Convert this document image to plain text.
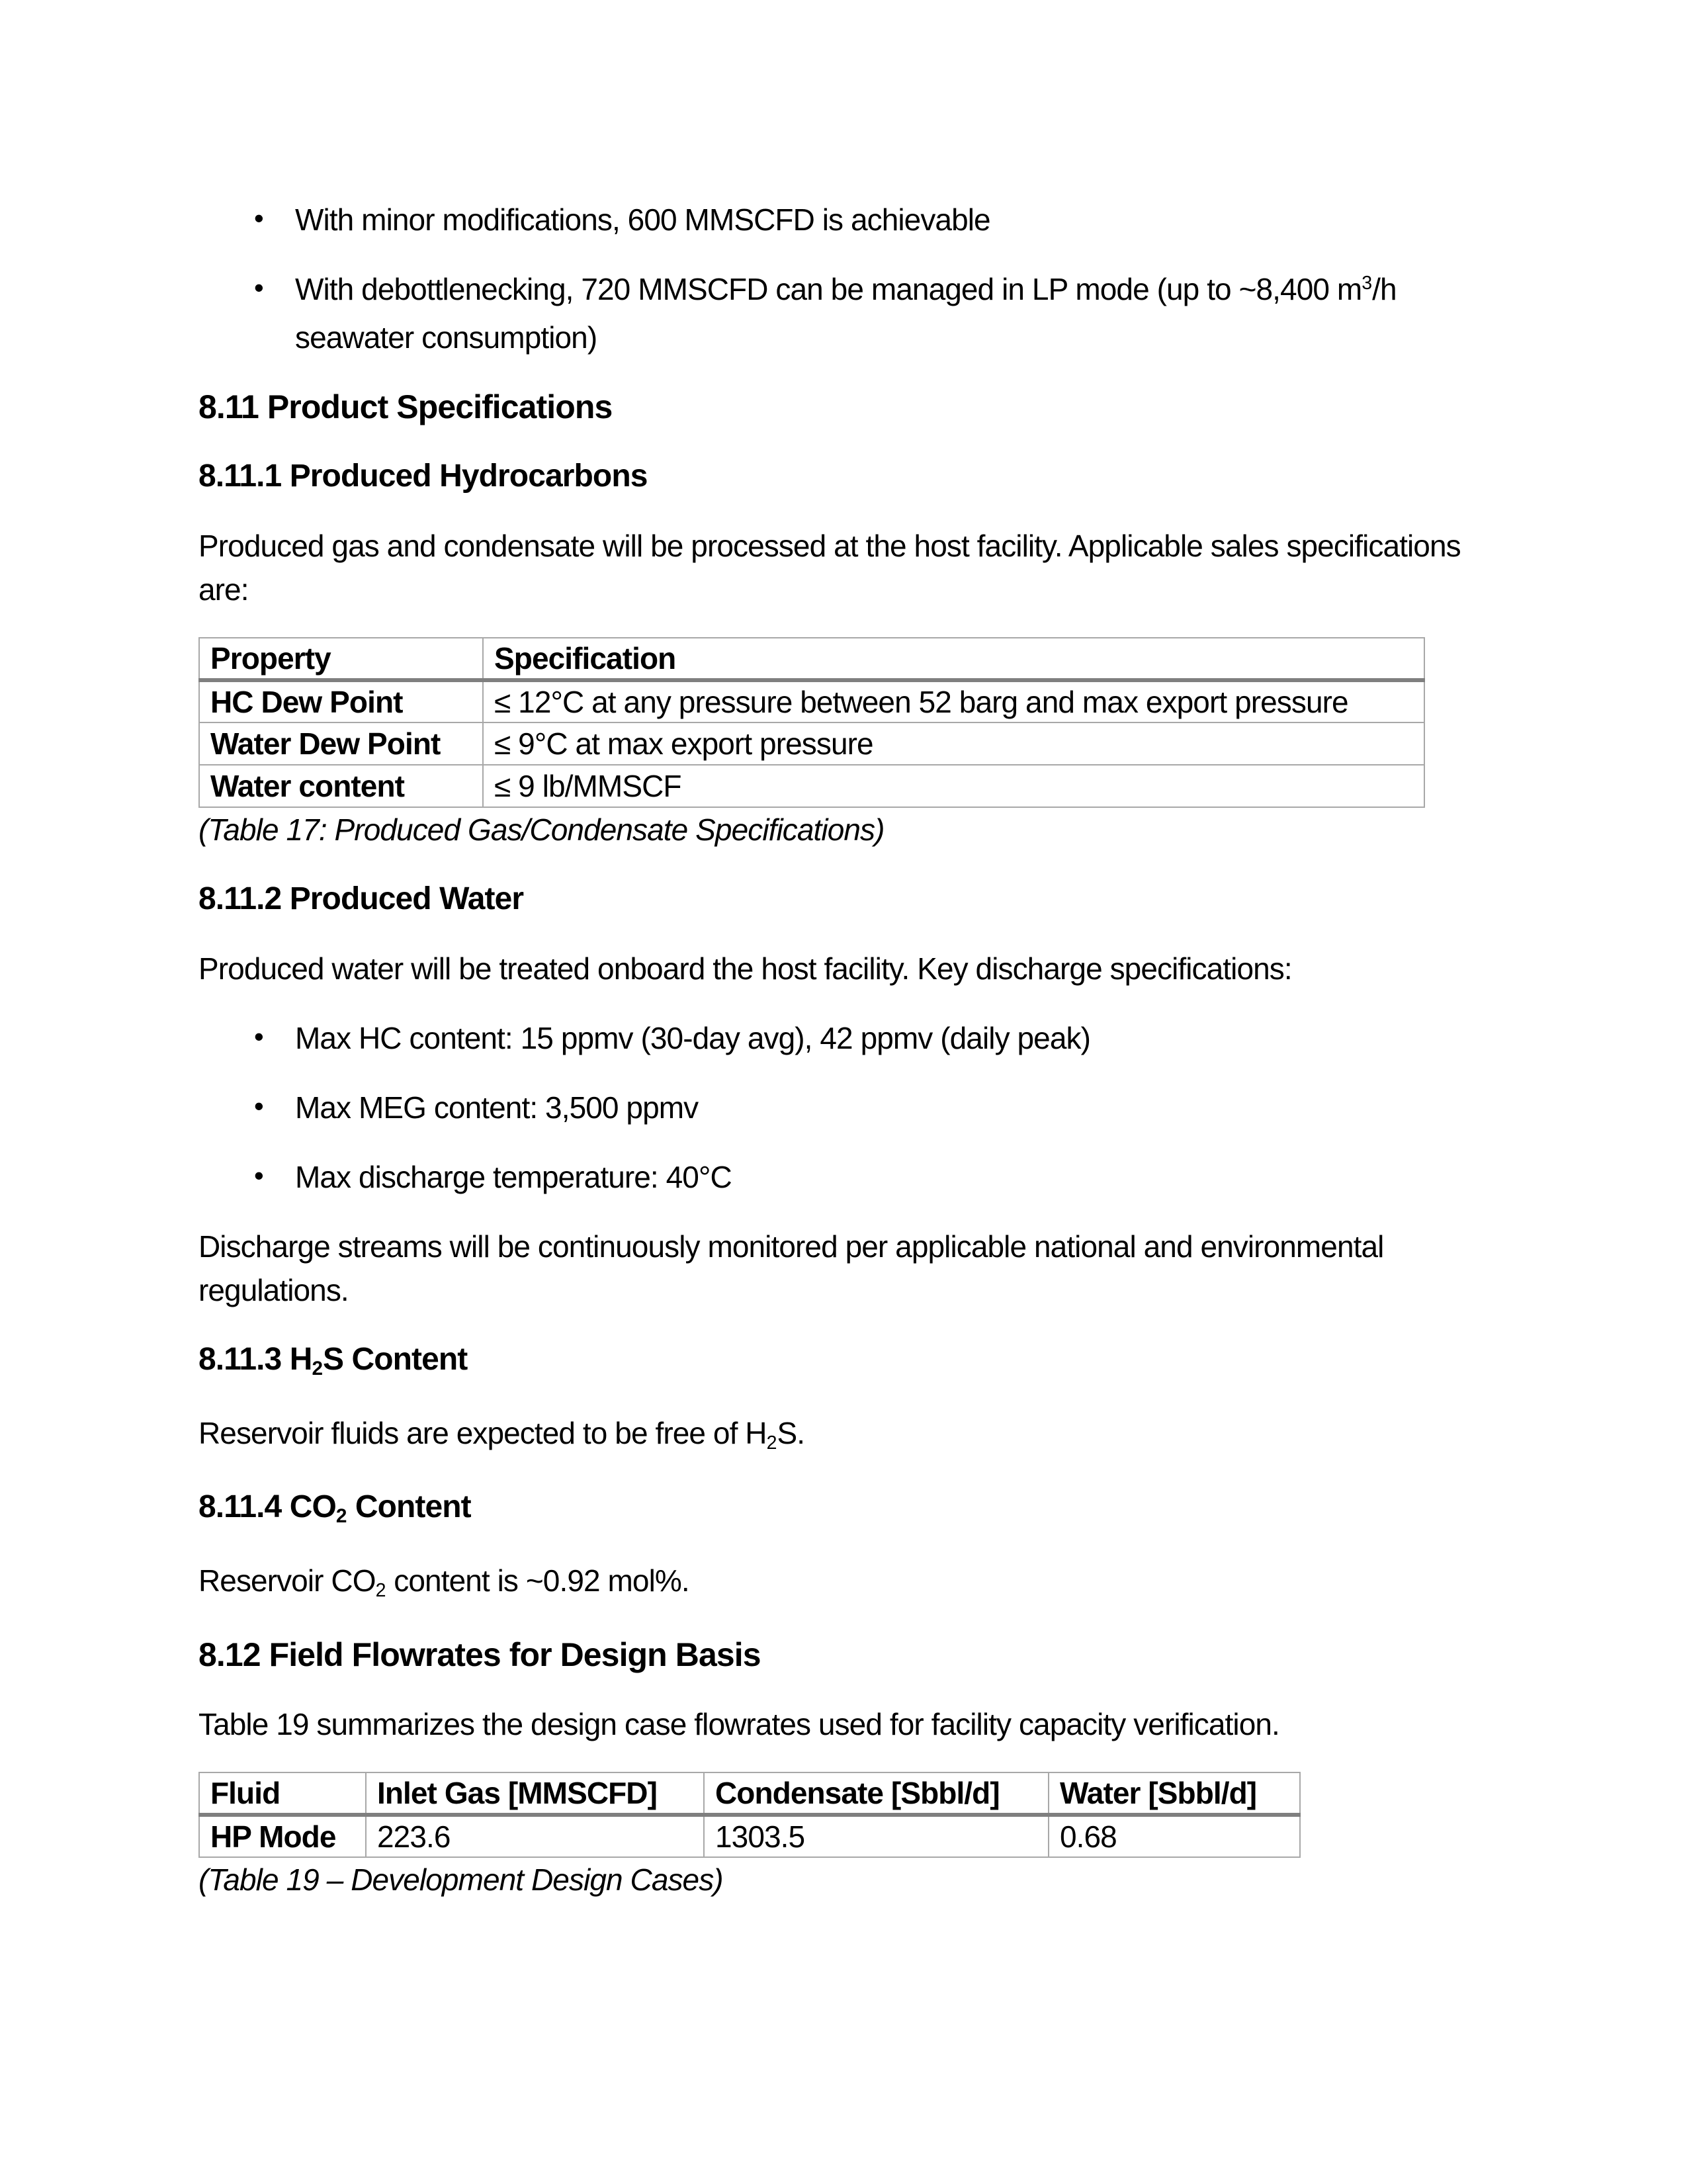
• With minor modifications, 600 MMSCFD is achievable
• With debottlenecking, 720 MMSCFD can be managed in LP mode (up to ~8,400 $m^3/h$ seawater consumption)
8.11 Product Specifications
8.11.1 Produced Hydrocarbons

Produced gas and condensate will be processed at the host facility. Applicable sales specifications are:

Property	Specification
HC Dew Point	≤ 12°C at any pressure between 52 barg and max export pressure
Water Dew Point	≤ 9°C at max export pressure
Water content	≤ 9 lb/MMSCF

(Table 17: Produced Gas/Condensate Specifications)

8.11.2 Produced Water

Produced water will be treated onboard the host facility. Key discharge specifications:

• Max HC content: 15 ppmv (30-day avg), 42 ppmv (daily peak)
• Max MEG content: 3,500 ppmv
• Max discharge temperature: 40°C

Discharge streams will be continuously monitored per applicable national and environmental regulations.

8.11.3 $H_2S$ Content

Reservoir fluids are expected to be free of $H_2S$.

8.11.4 $CO_2$ Content

Reservoir $CO_2$ content is ~0.92 mol%.

8.12 Field Flowrates for Design Basis

Table 19 summarizes the design case flowrates used for facility capacity verification.

Fluid	Inlet Gas [MMSCFD]	Condensate [Sbbl/d]	Water [Sbbl/d]
HP Mode	223.6	1303.5	0.68

(Table 19 – Development Design Cases)
